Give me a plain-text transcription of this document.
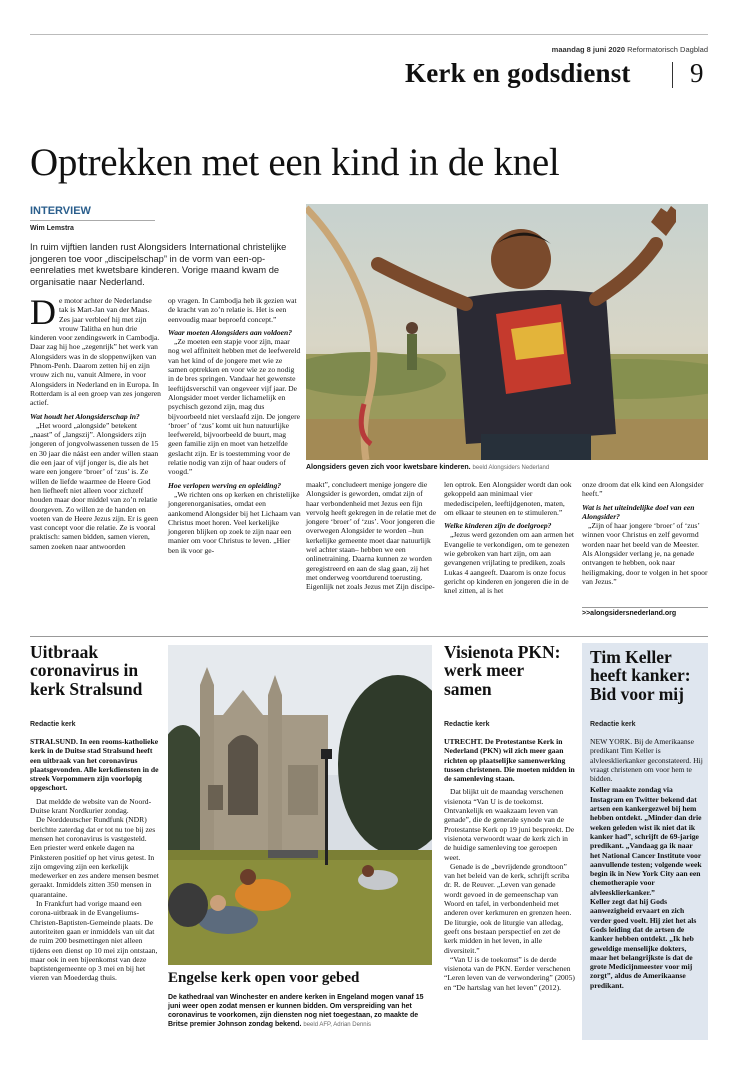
maandag 8 juni 2020 Reformatorisch Dagblad
Kerk en godsdienst 9
Optrekken met een kind in de knel
INTERVIEW
Wim Lemstra
In ruim vijftien landen rust Alongsiders International christelijke jongeren toe voor „discipelschap” in de vorm van een-op-eenrelaties met kwetsbare kinderen. Vorige maand kwam de organisatie naar Nederland.
Alongsiders geven zich voor kwetsbare kinderen. beeld Alongsiders Nederland
D e motor achter de Nederlandse tak is Mart-Jan van der Maas. Zes jaar verbleef hij met zijn vrouw Talitha en hun drie kinderen voor zendingswerk in Cambodja. Daar zag hij hoe „zegenrijk” het werk van Alongsiders was in de sloppenwijken van Phnom-Penh. Daarom zetten hij en zijn vrouw zich nu, vanuit Almere, in voor Alongsiders in Nederland en in Europa. In Rotterdam is al een groep van zes jongeren actief.

Wat houdt het Alongsiderschap in?

„Het woord „alongside” betekent „naast” of „langszij”. Alongsiders zijn jongeren of jongvolwassenen tussen de 15 en 30 jaar die náást een ander willen staan die een jaar of vijf jonger is, die als het ware een jongere ‘broer’ of ‘zus’ is. Ze willen de liefde waarmee de Heere God hen liefheeft niet alleen voor zichzelf houden maar door middel van zo’n relatie doorgeven. Zo willen ze de handen en voeten van de Heere Jezus zijn. Er is geen vast concept voor die relatie. Ze is vooral praktisch: samen bidden, samen vieren, samen zoeken naar antwoorden

op vragen. In Cambodja heb ik gezien wat de kracht van zo’n relatie is. Het is een eenvoudig maar beproefd concept.”

Waar moeten Alongsiders aan voldoen?

„Ze moeten een stapje voor zijn, maar nog wel affiniteit hebben met de leefwereld van het kind of de jongere met wie ze samen optrekken en voor wie ze zo nodig in de bres springen. Vandaar het gewenste leeftijdsverschil van ongeveer vijf jaar. De Alongsider moet verder lichamelijk en psychisch gezond zijn, mag dus bijvoorbeeld niet verslaafd zijn. De jongere ‘broer’ of ‘zus’ komt uit hun natuurlijke leefwereld, bijvoorbeeld de buurt, mag geen familie zijn en moet van hetzelfde geslacht zijn. Er is toestemming voor de relatie nodig van zijn of haar ouders of voogd.”

Hoe verlopen werving en opleiding?

„We richten ons op kerken en christelijke jongerenorganisaties, omdat een aankomend Alongsider bij het Lichaam van Christus moet horen. Veel kerkelijke jongeren blijken op zoek te zijn naar een manier om voor Christus te leven. „Hier ben ik voor ge-

maakt”, concludeert menige jongere die Alongsider is geworden, omdat zijn of haar verbondenheid met Jezus een fijn vervolg heeft gekregen in de relatie met de jongere ‘broer’ of ‘zus’. Voor jongeren die overwegen Alongsider te worden –hun kerkelijke gemeente moet daar natuurlijk wel achter staan– hebben we een onlinetraining. Daarna kunnen ze worden geregistreerd en aan de slag gaan, zij het met onderweg voortdurend toerusting. Eigenlijk net zoals Jezus met Zijn discipe-

len optrok. Een Alongsider wordt dan ook gekoppeld aan minimaal vier medediscipelen, leeftijdgenoten, maten, om elkaar te steunen en te stimuleren.”

Welke kinderen zijn de doelgroep?

„Jezus werd gezonden om aan armen het Evangelie te verkondigen, om te genezen wie gebroken van hart zijn, om aan gevangenen vrijlating te prediken, zoals Lukas 4 aangeeft. Daarom is onze focus gericht op kinderen en jongeren die in de knel zitten, al is het

onze droom dat elk kind een Alongsider heeft.”

Wat is het uiteindelijke doel van een Alongsider?

„Zijn of haar jongere ‘broer’ of ‘zus’ winnen voor Christus en zelf gevormd worden naar het beeld van de Meester. Als Alongsider verlang je, na genade ontvangen te hebben, ook naar heiligmaking, door te volgen in het spoor van Jezus.”

>>alongsidersnederland.org
Uitbraak coronavirus in kerk Stralsund
Redactie kerk

STRALSUND. In een rooms-katholieke kerk in de Duitse stad Stralsund heeft een uitbraak van het coronavirus plaatsgevonden. Alle kerkdiensten in de streek Vorpommern zijn voorlopig opgeschort.

Dat meldde de website van de Noord-Duitse krant Nordkurier zondag.

De Norddeutscher Rundfunk (NDR) berichtte zaterdag dat er tot nu toe bij zes mensen het coronavirus is vastgesteld. Een priester werd enkele dagen na Pinksteren positief op het virus getest. In zijn omgeving zijn een kerkelijk medewerker en zes andere mensen besmet geraakt. Inmiddels zitten 350 mensen in quarantaine.

In Frankfurt had vorige maand een corona-uitbraak in de Evangeliums-Christen-Baptisten-Gemeinde plaats. De autoriteiten gaan er inmiddels van uit dat de ruim 200 besmettingen niet alleen tijdens een dienst op 10 mei zijn ontstaan, maar ook in een bijeenkomst van deze baptistengemeente op 3 mei en bij het vieren van Moederdag thuis.	Engelse kerk open voor gebed
De kathedraal van Winchester en andere kerken in Engeland mogen vanaf 15 juni weer open zodat mensen er kunnen bidden. Om verspreiding van het coronavirus te voorkomen, zijn diensten nog niet toegestaan, zo maakte de Britse premier Johnson zondag bekend. beeld AFP, Adrian Dennis
Visienota PKN: werk meer samen
Redactie kerk

UTRECHT. De Protestantse Kerk in Nederland (PKN) wil zich meer gaan richten op plaatselijke samenwerking tussen christenen. Die moeten midden in de samenleving staan.

Dat blijkt uit de maandag verschenen visienota “Van U is de toekomst. Ontvankelijk en waakzaam leven van genade”, die de generale synode van de Protestantse Kerk op 19 juni bespreekt. De visienota verwoordt waar de kerk zich in de huidige samenleving toe geroepen weet.

Genade is de „bevrijdende grondtoon” van het beleid van de kerk, schrijft scriba dr. R. de Reuver. „Leven van genade wordt gevoed in de gemeenschap van Woord en tafel, in verbondenheid met anderen over kerkmuren en grenzen heen. De liturgie, ook de liturgie van alledag, geeft ons bestaan perspectief en zet de kerk midden in het leven, in alle diversiteit.”

“Van U is de toekomst” is de derde visienota van de PKN. Eerder verschenen “Leren leven van de verwondering” (2005) en “De hartslag van het leven” (2012).

Tim Keller heeft kanker: Bid voor mij
Redactie kerk

NEW YORK. Bij de Amerikaanse predikant Tim Keller is alvleesklierkanker geconstateerd. Hij vraagt christenen om voor hem te bidden.

Keller maakte zondag via Instagram en Twitter bekend dat artsen een kankergezwel bij hem hebben ontdekt. „Minder dan drie weken geleden wist ik niet dat ik kanker had”, schrijft de 69-jarige predikant. „Vandaag ga ik naar het National Cancer Institute voor aanvullende testen; volgende week begin ik in New York City aan een chemotherapie voor alvleesklierkanker.”

Keller zegt dat hij Gods aanwezigheid ervaart en zich verder goed voelt. Hij ziet het als Gods leiding dat de artsen de kanker hebben ontdekt. „Ik heb geweldige menselijke dokters, maar het belangrijkste is dat de grote Medicijnmeester voor mij zorgt”, aldus de Amerikaanse predikant.
